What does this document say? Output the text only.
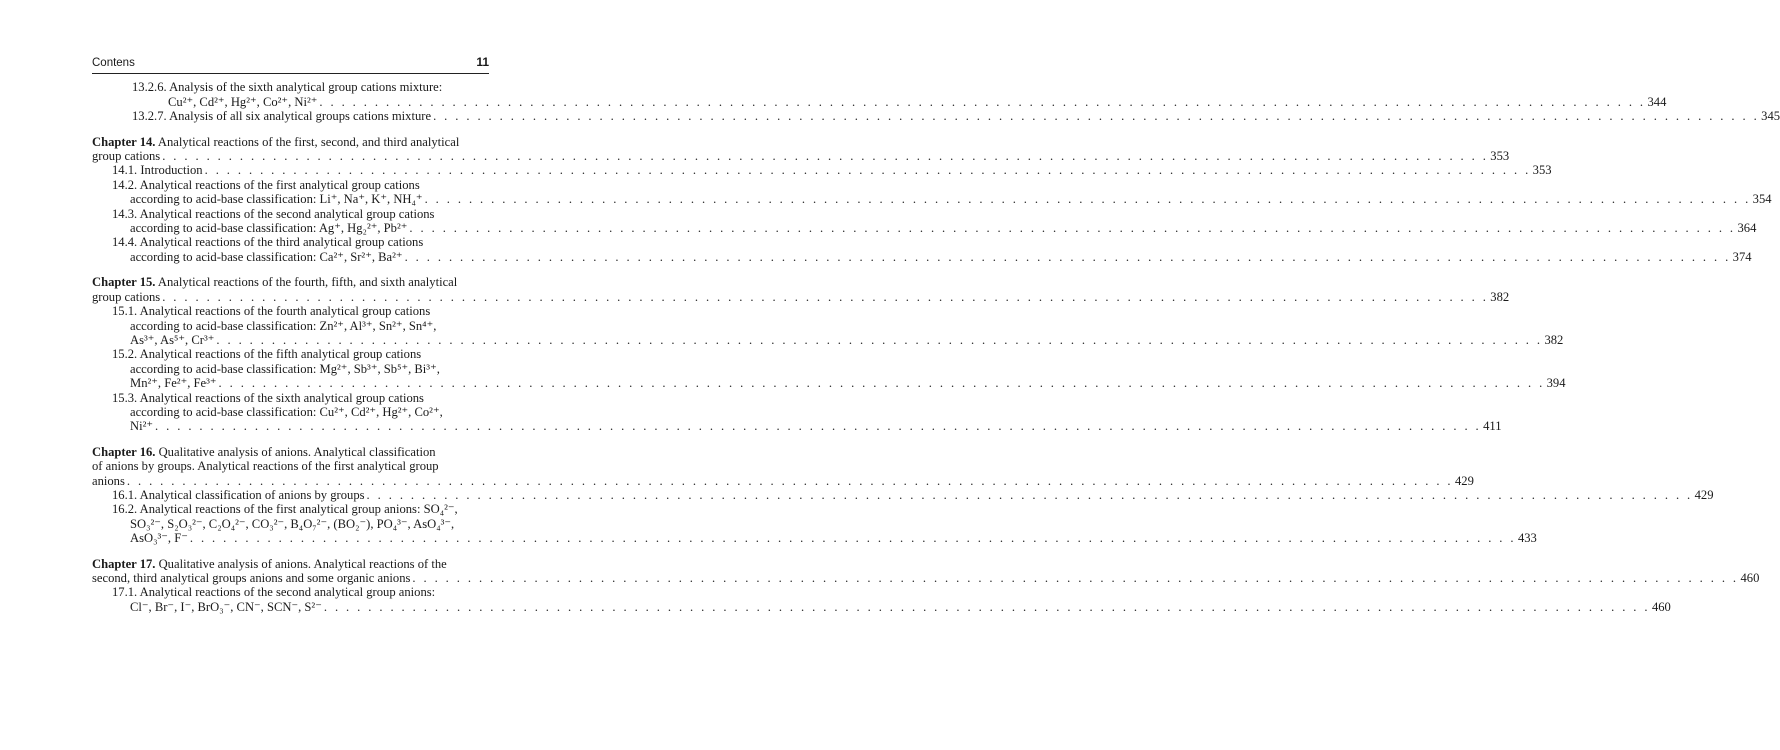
Contens	11
13.2.6. Analysis of the sixth analytical group cations mixture:
Cu²⁺, Cd²⁺, Hg²⁺, Co²⁺, Ni²⁺ . . . . . . . . . . . . . . . . . . . . . . . . . . . . . . . . . . . . . . . . . . . . . . . . . . . . . . . . . . . . . . . . . . . . . . . . . . . . . . . . . . . . . . . . . . . . . . . . . . . . . . . . . . . . . . . . . . . . . . . . 344
13.2.7. Analysis of all six analytical groups cations mixture . . . . . . . . . . . . . . . . . . . . . . . . . . . . . . . . . . . . . . . . . . . . . . . . . . . . . . . . . . . . . . . . . . . . . . . . . . . . . . . . . . . . . . . . . . . . . . . . . . . . . . . . . . . . . . . . . . . . . . . . 345
Chapter 14. Analytical reactions of the first, second, and third analytical
group cations . . . . . . . . . . . . . . . . . . . . . . . . . . . . . . . . . . . . . . . . . . . . . . . . . . . . . . . . . . . . . . . . . . . . . . . . . . . . . . . . . . . . . . . . . . . . . . . . . . . . . . . . . . . . . . . . . . . . . . . . 353
14.1. Introduction . . . . . . . . . . . . . . . . . . . . . . . . . . . . . . . . . . . . . . . . . . . . . . . . . . . . . . . . . . . . . . . . . . . . . . . . . . . . . . . . . . . . . . . . . . . . . . . . . . . . . . . . . . . . . . . . . . . . . . . . 353
14.2. Analytical reactions of the first analytical group cations
according to acid-base classification: Li⁺, Na⁺, K⁺, NH₄⁺ . . . . . . . . . . . . . . . . . . . . . . . . . . . . . . . . . . . . . . . . . . . . . . . . . . . . . . . . . . . . . . . . . . . . . . . . . . . . . . . . . . . . . . . . . . . . . . . . . . . . . . . . . . . . . . . . . . . . . . . . 354
14.3. Analytical reactions of the second analytical group cations
according to acid-base classification: Ag⁺, Hg₂²⁺, Pb²⁺ . . . . . . . . . . . . . . . . . . . . . . . . . . . . . . . . . . . . . . . . . . . . . . . . . . . . . . . . . . . . . . . . . . . . . . . . . . . . . . . . . . . . . . . . . . . . . . . . . . . . . . . . . . . . . . . . . . . . . . . . 364
14.4. Analytical reactions of the third analytical group cations
according to acid-base classification: Ca²⁺, Sr²⁺, Ba²⁺ . . . . . . . . . . . . . . . . . . . . . . . . . . . . . . . . . . . . . . . . . . . . . . . . . . . . . . . . . . . . . . . . . . . . . . . . . . . . . . . . . . . . . . . . . . . . . . . . . . . . . . . . . . . . . . . . . . . . . . . . 374
Chapter 15. Analytical reactions of the fourth, fifth, and sixth analytical
group cations . . . . . . . . . . . . . . . . . . . . . . . . . . . . . . . . . . . . . . . . . . . . . . . . . . . . . . . . . . . . . . . . . . . . . . . . . . . . . . . . . . . . . . . . . . . . . . . . . . . . . . . . . . . . . . . . . . . . . . . . 382
15.1. Analytical reactions of the fourth analytical group cations
according to acid-base classification: Zn²⁺, Al³⁺, Sn²⁺, Sn⁴⁺,
As³⁺, As⁵⁺, Cr³⁺ . . . . . . . . . . . . . . . . . . . . . . . . . . . . . . . . . . . . . . . . . . . . . . . . . . . . . . . . . . . . . . . . . . . . . . . . . . . . . . . . . . . . . . . . . . . . . . . . . . . . . . . . . . . . . . . . . . . . . . . . 382
15.2. Analytical reactions of the fifth analytical group cations
according to acid-base classification: Mg²⁺, Sb³⁺, Sb⁵⁺, Bi³⁺,
Mn²⁺, Fe²⁺, Fe³⁺ . . . . . . . . . . . . . . . . . . . . . . . . . . . . . . . . . . . . . . . . . . . . . . . . . . . . . . . . . . . . . . . . . . . . . . . . . . . . . . . . . . . . . . . . . . . . . . . . . . . . . . . . . . . . . . . . . . . . . . . . 394
15.3. Analytical reactions of the sixth analytical group cations
according to acid-base classification: Cu²⁺, Cd²⁺, Hg²⁺, Co²⁺,
Ni²⁺ . . . . . . . . . . . . . . . . . . . . . . . . . . . . . . . . . . . . . . . . . . . . . . . . . . . . . . . . . . . . . . . . . . . . . . . . . . . . . . . . . . . . . . . . . . . . . . . . . . . . . . . . . . . . . . . . . . . . . . . . 411
Chapter 16. Qualitative analysis of anions. Analytical classification
of anions by groups. Analytical reactions of the first analytical group
anions . . . . . . . . . . . . . . . . . . . . . . . . . . . . . . . . . . . . . . . . . . . . . . . . . . . . . . . . . . . . . . . . . . . . . . . . . . . . . . . . . . . . . . . . . . . . . . . . . . . . . . . . . . . . . . . . . . . . . . . . 429
16.1. Analytical classification of anions by groups . . . . . . . . . . . . . . . . . . . . . . . . . . . . . . . . . . . . . . . . . . . . . . . . . . . . . . . . . . . . . . . . . . . . . . . . . . . . . . . . . . . . . . . . . . . . . . . . . . . . . . . . . . . . . . . . . . . . . . . . 429
16.2. Analytical reactions of the first analytical group anions: SO₄²⁻,
SO₃²⁻, S₂O₃²⁻, C₂O₄²⁻, CO₃²⁻, B₄O₇²⁻, (BO₂⁻), PO₄³⁻, AsO₄³⁻,
AsO₃³⁻, F⁻ . . . . . . . . . . . . . . . . . . . . . . . . . . . . . . . . . . . . . . . . . . . . . . . . . . . . . . . . . . . . . . . . . . . . . . . . . . . . . . . . . . . . . . . . . . . . . . . . . . . . . . . . . . . . . . . . . . . . . . . . 433
Chapter 17. Qualitative analysis of anions. Analytical reactions of the
second, third analytical groups anions and some organic anions . . . . . . . . . . . . . . . . . . . . . . . . . . . . . . . . . . . . . . . . . . . . . . . . . . . . . . . . . . . . . . . . . . . . . . . . . . . . . . . . . . . . . . . . . . . . . . . . . . . . . . . . . . . . . . . . . . . . . . . . 460
17.1. Analytical reactions of the second analytical group anions:
Cl⁻, Br⁻, I⁻, BrO₃⁻, CN⁻, SCN⁻, S²⁻ . . . . . . . . . . . . . . . . . . . . . . . . . . . . . . . . . . . . . . . . . . . . . . . . . . . . . . . . . . . . . . . . . . . . . . . . . . . . . . . . . . . . . . . . . . . . . . . . . . . . . . . . . . . . . . . . . . . . . . . . 460
